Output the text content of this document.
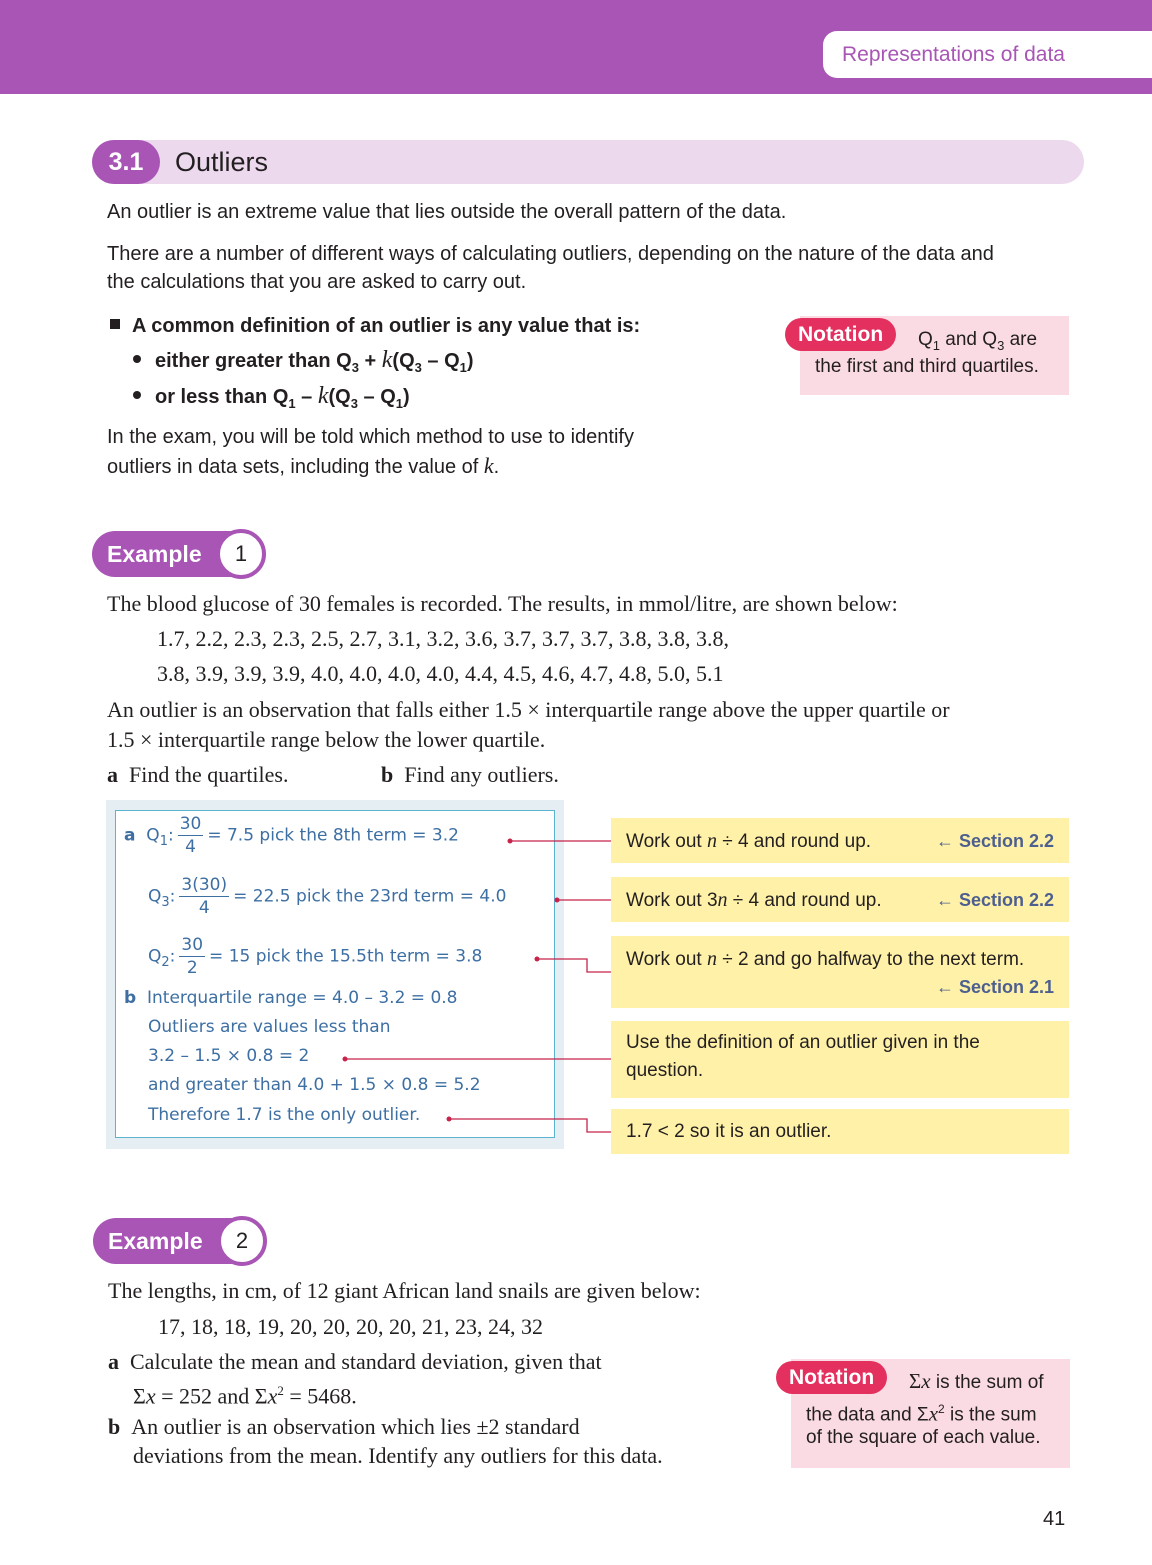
Representations of data
3.1	Outliers
An outlier is an extreme value that lies outside the overall pattern of the data.
There are a number of different ways of calculating outliers, depending on the nature of the data and
the calculations that you are asked to carry out.
A common definition of an outlier is any value that is:
either greater than $Q_3 + k(Q_3 - Q_1)$
or less than $Q_1 - k(Q_3 - Q_1)$
In the exam, you will be told which method to use to identify
outliers in data sets, including the value of k.
$Q_1$ and $Q_3$ are
the first and third quartiles.
Notation
Example	1
The blood glucose of 30 females is recorded. The results, in mmol/litre, are shown below:
1.7, 2.2, 2.3, 2.3, 2.5, 2.7, 3.1, 3.2, 3.6, 3.7, 3.7, 3.7, 3.8, 3.8, 3.8,
3.8, 3.9, 3.9, 3.9, 4.0, 4.0, 4.0, 4.0, 4.4, 4.5, 4.6, 4.7, 4.8, 5.0, 5.1
An outlier is an observation that falls either 1.5 × interquartile range above the upper quartile or
1.5 × interquartile range below the lower quartile.
a Find the quartiles.	b Find any outliers.
a $Q_1$: $\frac{30}{4} = 7.5$ pick the 8th term = 3.2
$Q_3$: $\frac{3(30)}{4} = 22.5$ pick the 23rd term = 4.0
$Q_2$: $\frac{30}{2} = 15$ pick the 15.5th term = 3.8
b Interquartile range = 4.0 – 3.2 = 0.8
Outliers are values less than
3.2 – 1.5 × 0.8 = 2
and greater than 4.0 + 1.5 × 0.8 = 5.2
Therefore 1.7 is the only outlier.
Work out n ÷ 4 and round up.	← Section 2.2
Work out 3n ÷ 4 and round up.	← Section 2.2
Work out n ÷ 2 and go halfway to the next term.
← Section 2.1
Use the definition of an outlier given in the
question.
1.7 < 2 so it is an outlier.
Example	2
The lengths, in cm, of 12 giant African land snails are given below:
17, 18, 18, 19, 20, 20, 20, 20, 21, 23, 24, 32
a Calculate the mean and standard deviation, given that
Σx = 252 and $\Sigma x^2 = 5468$.
b An outlier is an observation which lies ±2 standard
deviations from the mean. Identify any outliers for this data.
Σx is the sum of
the data and $\Sigma x^2$ is the sum
of the square of each value.
Notation
41
